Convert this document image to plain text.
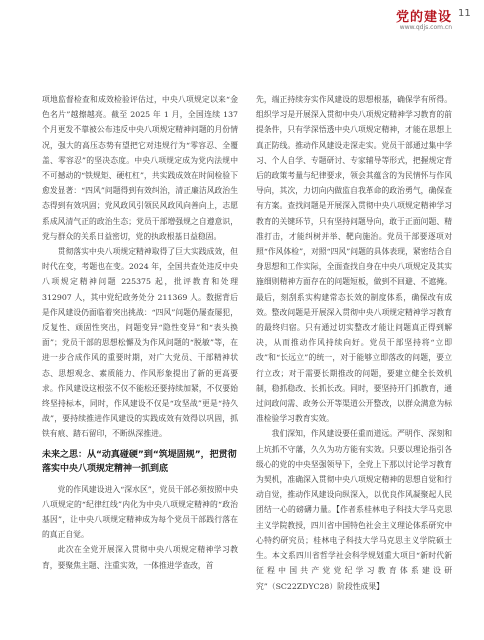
党的建设
www.qdjs.com.cn
11

项地监督检查和成效检验评估过，中央八项规定以来“金色名片”越擦越亮。截至 2025 年 1 月，全国连续 137 个月更发不靠被公布违反中央八项规定精神问题的月份情况，强大的高压态势有望把它对违规行为“零容忍、全覆盖、零容忍”的坚决态度。中央八项规定成为党内法规中不可撼动的“铁规矩、硬杠杠”，共实践成效在时间检验下愈发显著：“四风”问题得到有效纠治，清正廉洁风政治生态得到有效巩固；党风政风引领民风政风向善向上，志愿系成风清气正的政治生态；党员干部增强规之自遵意识，党与群众的关系日益密切，党的执政根基日益稳固。

贯彻落实中央八项规定精神取得了巨大实践成效，但时代在变，考题也在变。2024 年，全国共查处违反中央八项规定精神问题 225375 起，批评教育和处理 312907 人，其中党纪政务处分 211369 人。数据背后是作风建设仍面临着突出挑战：“四风”问题仍屡查屡犯，反复性、顽固性突出，问题变异“隐性变异”和“表头换面”；党员干部的思想松懈及为作风问题的“脱敏”等，在进一步合成作风的重要时期，对广大党员、干部精神状态、思想观念、素质能力、作风形象提出了新的更高要求。作风建设这根弦不仅不能松还要持续加紧，不仅要始终坚持标本，同时，作风建设不仅是“攻坚战”更是“持久战”，要持续推进作风建设的实践成效有效得以巩固，抓铁有痕、踏石留印，不断纵深推进。

未来之思：从“动真碰硬”到“筑堤固规”，把贯彻落实中央八项规定精神一抓到底

党的作风建设进入“深水区”，党员干部必须按照中央八项规定的“纪律红线”内化为中央八项规定精神的“政治基因”，让中央八项规定精神成为每个党员干部践行落在的真正自觉。

此次在全党开展深入贯彻中央八项规定精神学习教育，要聚焦主题、注重实效，一体推进学查改，首

先，端正持续夯实作风建设的思想根基，确保学有所得。组织学习是开展深入贯彻中央八项规定精神学习教育的前提条件，只有学深悟透中央八项规定精神，才能在思想上真正防线。推动作风建设走深走实。党员干部通过集中学习、个人自学、专题研讨、专家辅导等形式，把握规定背后的政策考量与纪律要求，领会其蕴含的为民情怀与作风导向，其次，力切向内做监自我革命的政治勇气，确保查有方案。查找问题是开展深入贯彻中央八项规定精神学习教育的关键环节，只有坚持问题导向，敢于正面问题、精准打击，才能纠树并举、靶向施治。党员干部要逐项对照“作风体检”，对照“四风”问题的具体表现，紧密结合自身思想和工作实际，全面查找自身在中央八项规定及其实施细则精神方面存在的问题短板，做到不回避、不遮掩。最后，刻刮系实构建常态长效的制度体系，确保改有成效。整改问题是开展深入贯彻中央八项规定精神学习教育的最终归宿。只有通过切实整改才能让问题真正得到解决，从而推动作风持续向好。党员干部坚持将“立即改”和“长远立”的统一，对于能够立即落改的问题，要立行立改；对于需要长期推改的问题，要建立健全长效机制，稳抓稳改、长抓长改。同时，要坚持开门抓教育，通过问政问需、政务公开等渠道公开整改，以群众满意为标准检验学习教育实效。

我们深知，作风建设要任重而道远。严明作、深刻和上坑抓不守藩，久久为功方能有实效。只要以理论指引各级心的党的中央坚强领导下，全党上下那以讨论学习教育为契机，准确深入贯彻中央八项规定精神的思想自觉和行动自觉，推动作风建设向纵深入，以优良作风凝聚起人民团结一心的磅礴力量。【作者系桂林电子科技大学马克思主义学院教授，四川省中国特色社会主义理论体系研究中心特约研究员；桂林电子科技大学马克思主义学院硕士生。本文系四川省哲学社会科学规划重大项目“新时代新征程中国共产党党纪学习教育体系建设研究”（SC22ZDYC28）阶段性成果】
